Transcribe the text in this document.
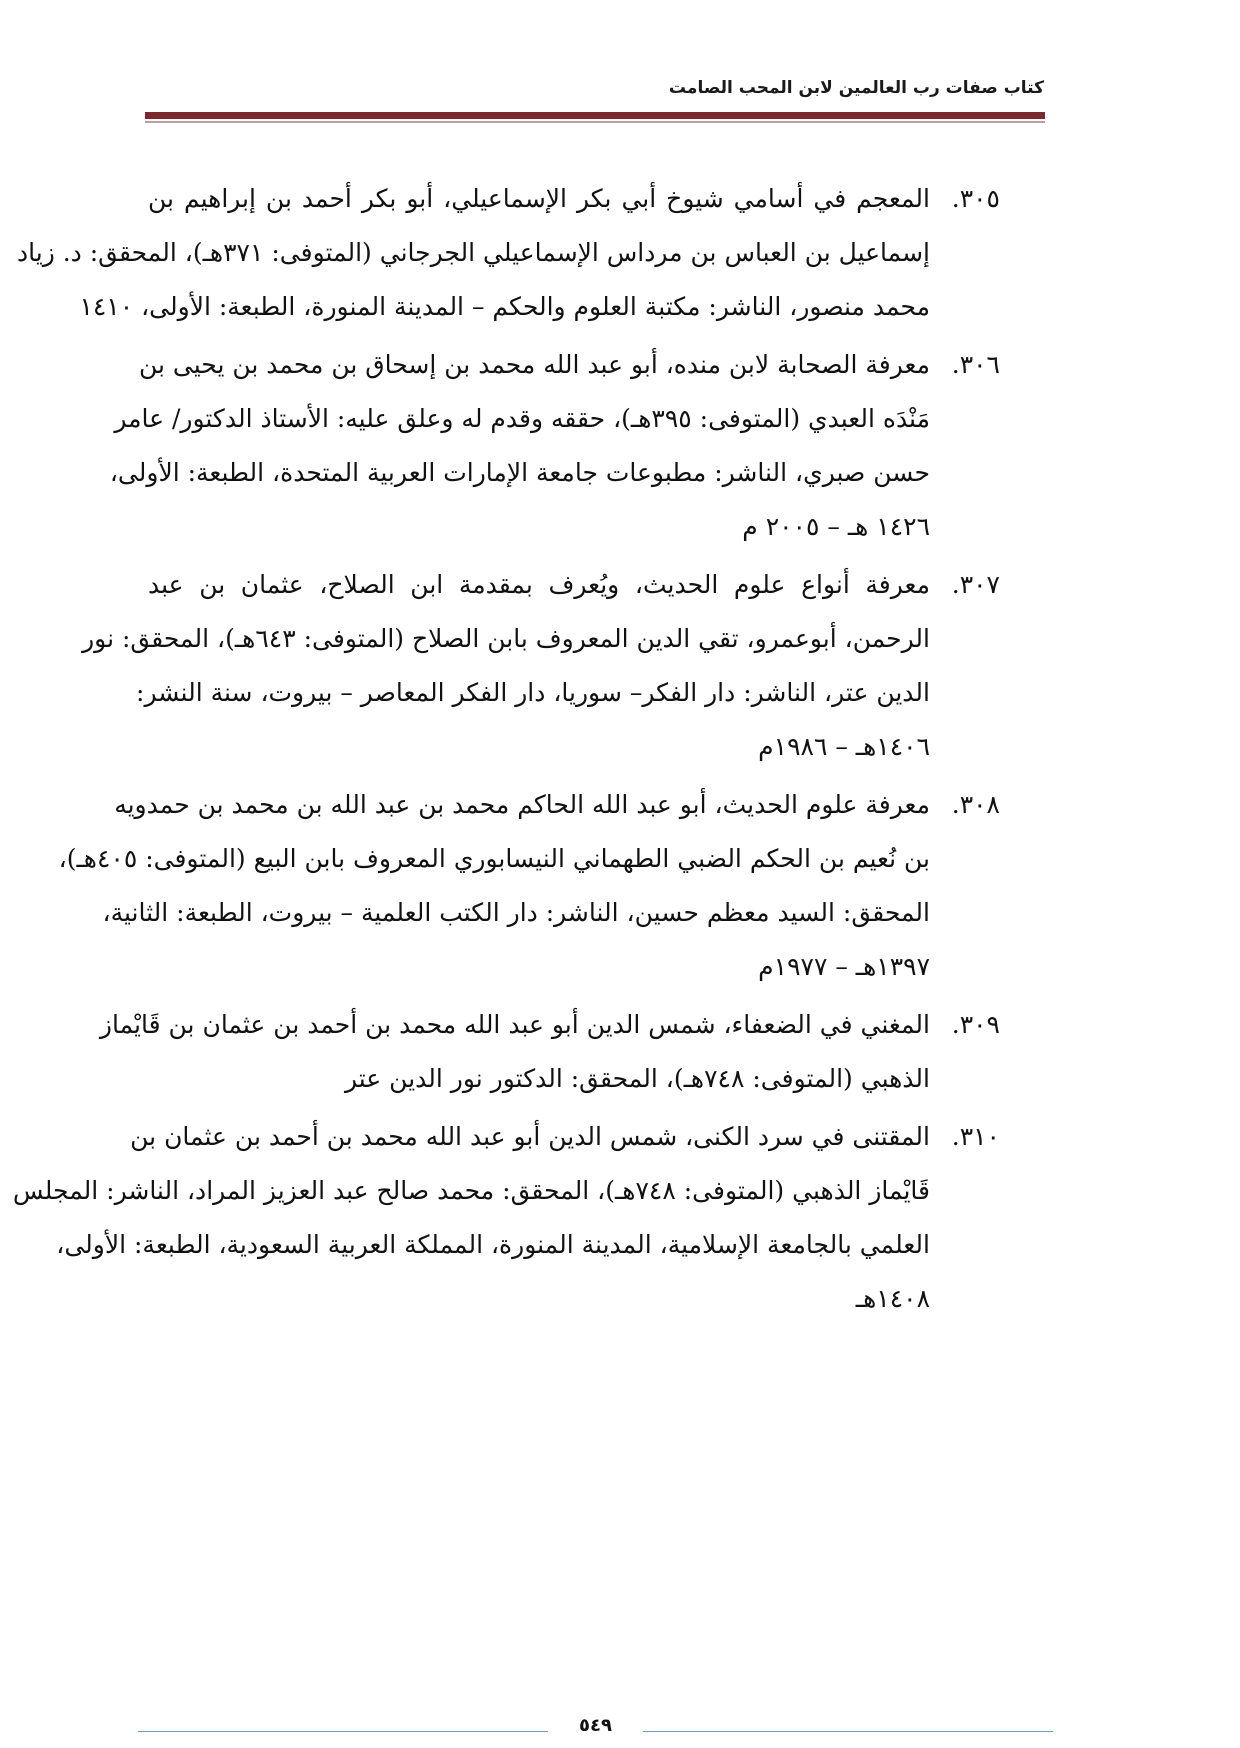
كتاب صفات رب العالمين لابن المحب الصامت
٣٠٥.
المعجم في أسامي شيوخ أبي بكر الإسماعيلي، أبو بكر أحمد بن إبراهيم بن
إسماعيل بن العباس بن مرداس الإسماعيلي الجرجاني (المتوفى: ٣٧١هـ)، المحقق: د. زياد
محمد منصور، الناشر: مكتبة العلوم والحكم – المدينة المنورة، الطبعة: الأولى، ١٤١٠
٣٠٦.
معرفة الصحابة لابن منده، أبو عبد الله محمد بن إسحاق بن محمد بن يحيى بن
مَنْدَه العبدي (المتوفى: ٣٩٥هـ)، حققه وقدم له وعلق عليه: الأستاذ الدكتور/ عامر
حسن صبري، الناشر: مطبوعات جامعة الإمارات العربية المتحدة، الطبعة: الأولى،
١٤٢٦ هـ – ٢٠٠٥ م
٣٠٧.
معرفة أنواع علوم الحديث، ويُعرف بمقدمة ابن الصلاح، عثمان بن عبد
الرحمن، أبوعمرو، تقي الدين المعروف بابن الصلاح (المتوفى: ٦٤٣هـ)، المحقق: نور
الدين عتر، الناشر: دار الفكر– سوريا، دار الفكر المعاصر – بيروت، سنة النشر:
١٤٠٦هـ – ١٩٨٦م
٣٠٨.
معرفة علوم الحديث، أبو عبد الله الحاكم محمد بن عبد الله بن محمد بن حمدويه
بن نُعيم بن الحكم الضبي الطهماني النيسابوري المعروف بابن البيع (المتوفى: ٤٠٥هـ)،
المحقق: السيد معظم حسين، الناشر: دار الكتب العلمية – بيروت، الطبعة: الثانية،
١٣٩٧هـ – ١٩٧٧م
٣٠٩.
المغني في الضعفاء، شمس الدين أبو عبد الله محمد بن أحمد بن عثمان بن قَايْماز
الذهبي (المتوفى: ٧٤٨هـ)، المحقق: الدكتور نور الدين عتر
٣١٠.
المقتنى في سرد الكنى، شمس الدين أبو عبد الله محمد بن أحمد بن عثمان بن
قَايْماز الذهبي (المتوفى: ٧٤٨هـ)، المحقق: محمد صالح عبد العزيز المراد، الناشر: المجلس
العلمي بالجامعة الإسلامية، المدينة المنورة، المملكة العربية السعودية، الطبعة: الأولى،
١٤٠٨هـ
٥٤٩
